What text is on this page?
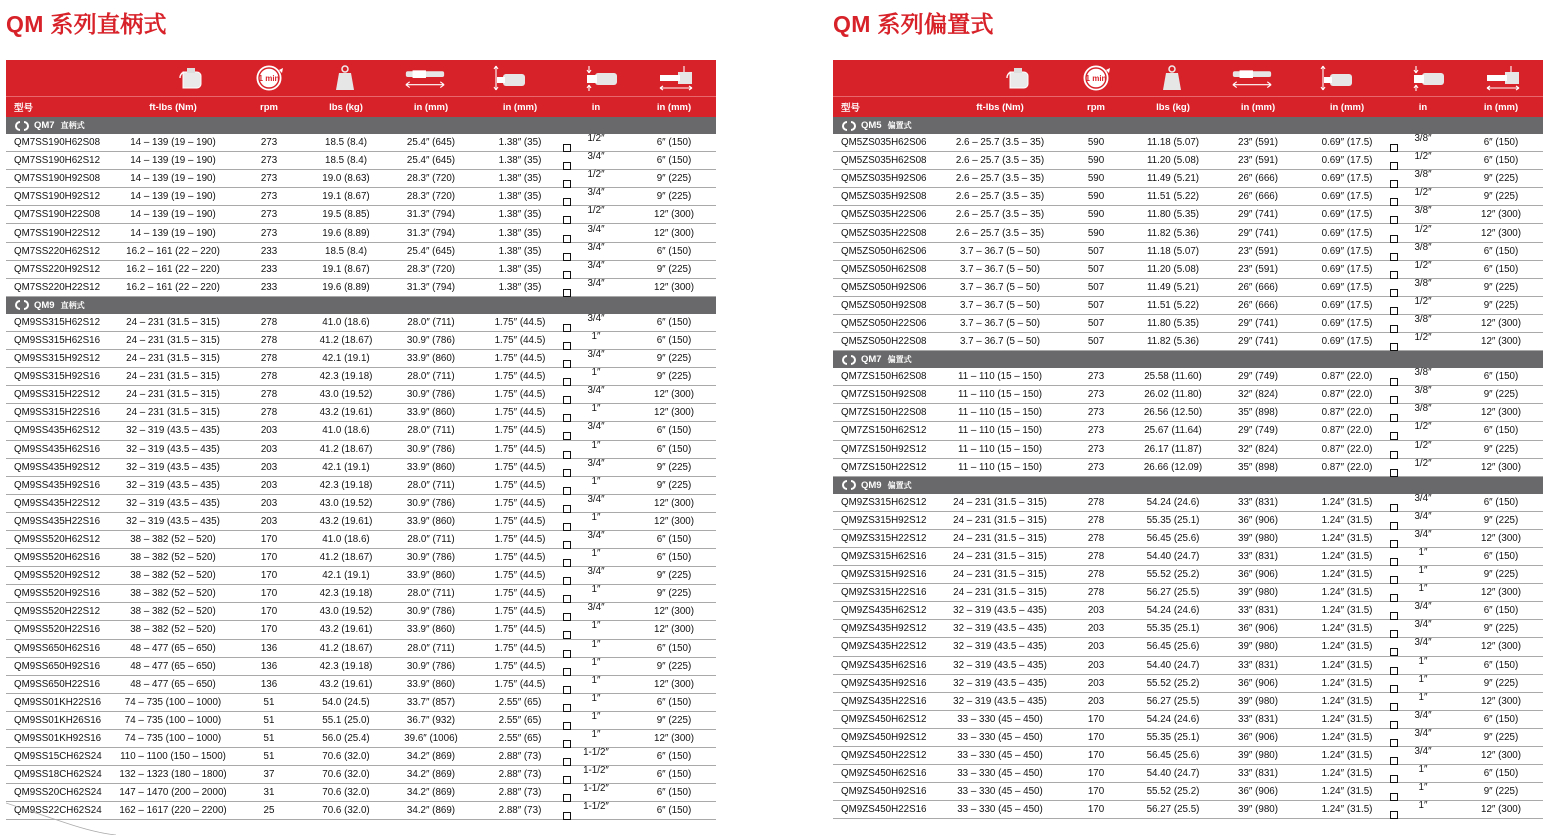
QM 系列直柄式
1 min
型号	ft-lbs (Nm)	rpm	lbs (kg)	in (mm)	in (mm)	in	in (mm)
QM7 直柄式
QM7SS190H62S08	14 – 139 (19 – 190)	273	18.5 (8.4)	25.4″ (645)	1.38″ (35)	1/2″	6″ (150)
QM7SS190H62S12	14 – 139 (19 – 190)	273	18.5 (8.4)	25.4″ (645)	1.38″ (35)	3/4″	6″ (150)
QM7SS190H92S08	14 – 139 (19 – 190)	273	19.0 (8.63)	28.3″ (720)	1.38″ (35)	1/2″	9″ (225)
QM7SS190H92S12	14 – 139 (19 – 190)	273	19.1 (8.67)	28.3″ (720)	1.38″ (35)	3/4″	9″ (225)
QM7SS190H22S08	14 – 139 (19 – 190)	273	19.5 (8.85)	31.3″ (794)	1.38″ (35)	1/2″	12″ (300)
QM7SS190H22S12	14 – 139 (19 – 190)	273	19.6 (8.89)	31.3″ (794)	1.38″ (35)	3/4″	12″ (300)
QM7SS220H62S12	16.2 – 161 (22 – 220)	233	18.5 (8.4)	25.4″ (645)	1.38″ (35)	3/4″	6″ (150)
QM7SS220H92S12	16.2 – 161 (22 – 220)	233	19.1 (8.67)	28.3″ (720)	1.38″ (35)	3/4″	9″ (225)
QM7SS220H22S12	16.2 – 161 (22 – 220)	233	19.6 (8.89)	31.3″ (794)	1.38″ (35)	3/4″	12″ (300)
QM9 直柄式
QM9SS315H62S12	24 – 231 (31.5 – 315)	278	41.0 (18.6)	28.0″ (711)	1.75″ (44.5)	3/4″	6″ (150)
QM9SS315H62S16	24 – 231 (31.5 – 315)	278	41.2 (18.67)	30.9″ (786)	1.75″ (44.5)	1″	6″ (150)
QM9SS315H92S12	24 – 231 (31.5 – 315)	278	42.1 (19.1)	33.9″ (860)	1.75″ (44.5)	3/4″	9″ (225)
QM9SS315H92S16	24 – 231 (31.5 – 315)	278	42.3 (19.18)	28.0″ (711)	1.75″ (44.5)	1″	9″ (225)
QM9SS315H22S12	24 – 231 (31.5 – 315)	278	43.0 (19.52)	30.9″ (786)	1.75″ (44.5)	3/4″	12″ (300)
QM9SS315H22S16	24 – 231 (31.5 – 315)	278	43.2 (19.61)	33.9″ (860)	1.75″ (44.5)	1″	12″ (300)
QM9SS435H62S12	32 – 319 (43.5 – 435)	203	41.0 (18.6)	28.0″ (711)	1.75″ (44.5)	3/4″	6″ (150)
QM9SS435H62S16	32 – 319 (43.5 – 435)	203	41.2 (18.67)	30.9″ (786)	1.75″ (44.5)	1″	6″ (150)
QM9SS435H92S12	32 – 319 (43.5 – 435)	203	42.1 (19.1)	33.9″ (860)	1.75″ (44.5)	3/4″	9″ (225)
QM9SS435H92S16	32 – 319 (43.5 – 435)	203	42.3 (19.18)	28.0″ (711)	1.75″ (44.5)	1″	9″ (225)
QM9SS435H22S12	32 – 319 (43.5 – 435)	203	43.0 (19.52)	30.9″ (786)	1.75″ (44.5)	3/4″	12″ (300)
QM9SS435H22S16	32 – 319 (43.5 – 435)	203	43.2 (19.61)	33.9″ (860)	1.75″ (44.5)	1″	12″ (300)
QM9SS520H62S12	38 – 382 (52 – 520)	170	41.0 (18.6)	28.0″ (711)	1.75″ (44.5)	3/4″	6″ (150)
QM9SS520H62S16	38 – 382 (52 – 520)	170	41.2 (18.67)	30.9″ (786)	1.75″ (44.5)	1″	6″ (150)
QM9SS520H92S12	38 – 382 (52 – 520)	170	42.1 (19.1)	33.9″ (860)	1.75″ (44.5)	3/4″	9″ (225)
QM9SS520H92S16	38 – 382 (52 – 520)	170	42.3 (19.18)	28.0″ (711)	1.75″ (44.5)	1″	9″ (225)
QM9SS520H22S12	38 – 382 (52 – 520)	170	43.0 (19.52)	30.9″ (786)	1.75″ (44.5)	3/4″	12″ (300)
QM9SS520H22S16	38 – 382 (52 – 520)	170	43.2 (19.61)	33.9″ (860)	1.75″ (44.5)	1″	12″ (300)
QM9SS650H62S16	48 – 477 (65 – 650)	136	41.2 (18.67)	28.0″ (711)	1.75″ (44.5)	1″	6″ (150)
QM9SS650H92S16	48 – 477 (65 – 650)	136	42.3 (19.18)	30.9″ (786)	1.75″ (44.5)	1″	9″ (225)
QM9SS650H22S16	48 – 477 (65 – 650)	136	43.2 (19.61)	33.9″ (860)	1.75″ (44.5)	1″	12″ (300)
QM9SS01KH22S16	74 – 735 (100 – 1000)	51	54.0 (24.5)	33.7″ (857)	2.55″ (65)	1″	6″ (150)
QM9SS01KH26S16	74 – 735 (100 – 1000)	51	55.1 (25.0)	36.7″ (932)	2.55″ (65)	1″	9″ (225)
QM9SS01KH92S16	74 – 735 (100 – 1000)	51	56.0 (25.4)	39.6″ (1006)	2.55″ (65)	1″	12″ (300)
QM9SS15CH62S24	110 – 1100 (150 – 1500)	51	70.6 (32.0)	34.2″ (869)	2.88″ (73)	1-1/2″	6″ (150)
QM9SS18CH62S24	132 – 1323 (180 – 1800)	37	70.6 (32.0)	34.2″ (869)	2.88″ (73)	1-1/2″	6″ (150)
QM9SS20CH62S24	147 – 1470 (200 – 2000)	31	70.6 (32.0)	34.2″ (869)	2.88″ (73)	1-1/2″	6″ (150)
QM9SS22CH62S24	162 – 1617 (220 – 2200)	25	70.6 (32.0)	34.2″ (869)	2.88″ (73)	1-1/2″	6″ (150)
QM 系列偏置式
1 min
型号	ft-lbs (Nm)	rpm	lbs (kg)	in (mm)	in (mm)	in	in (mm)
QM5 偏置式
QM5ZS035H62S06	2.6 – 25.7 (3.5 – 35)	590	11.18 (5.07)	23″ (591)	0.69″ (17.5)	3/8″	6″ (150)
QM5ZS035H62S08	2.6 – 25.7 (3.5 – 35)	590	11.20 (5.08)	23″ (591)	0.69″ (17.5)	1/2″	6″ (150)
QM5ZS035H92S06	2.6 – 25.7 (3.5 – 35)	590	11.49 (5.21)	26″ (666)	0.69″ (17.5)	3/8″	9″ (225)
QM5ZS035H92S08	2.6 – 25.7 (3.5 – 35)	590	11.51 (5.22)	26″ (666)	0.69″ (17.5)	1/2″	9″ (225)
QM5ZS035H22S06	2.6 – 25.7 (3.5 – 35)	590	11.80 (5.35)	29″ (741)	0.69″ (17.5)	3/8″	12″ (300)
QM5ZS035H22S08	2.6 – 25.7 (3.5 – 35)	590	11.82 (5.36)	29″ (741)	0.69″ (17.5)	1/2″	12″ (300)
QM5ZS050H62S06	3.7 – 36.7 (5 – 50)	507	11.18 (5.07)	23″ (591)	0.69″ (17.5)	3/8″	6″ (150)
QM5ZS050H62S08	3.7 – 36.7 (5 – 50)	507	11.20 (5.08)	23″ (591)	0.69″ (17.5)	1/2″	6″ (150)
QM5ZS050H92S06	3.7 – 36.7 (5 – 50)	507	11.49 (5.21)	26″ (666)	0.69″ (17.5)	3/8″	9″ (225)
QM5ZS050H92S08	3.7 – 36.7 (5 – 50)	507	11.51 (5.22)	26″ (666)	0.69″ (17.5)	1/2″	9″ (225)
QM5ZS050H22S06	3.7 – 36.7 (5 – 50)	507	11.80 (5.35)	29″ (741)	0.69″ (17.5)	3/8″	12″ (300)
QM5ZS050H22S08	3.7 – 36.7 (5 – 50)	507	11.82 (5.36)	29″ (741)	0.69″ (17.5)	1/2″	12″ (300)
QM7 偏置式
QM7ZS150H62S08	11 – 110 (15 – 150)	273	25.58 (11.60)	29″ (749)	0.87″ (22.0)	3/8″	6″ (150)
QM7ZS150H92S08	11 – 110 (15 – 150)	273	26.02 (11.80)	32″ (824)	0.87″ (22.0)	3/8″	9″ (225)
QM7ZS150H22S08	11 – 110 (15 – 150)	273	26.56 (12.50)	35″ (898)	0.87″ (22.0)	3/8″	12″ (300)
QM7ZS150H62S12	11 – 110 (15 – 150)	273	25.67 (11.64)	29″ (749)	0.87″ (22.0)	1/2″	6″ (150)
QM7ZS150H92S12	11 – 110 (15 – 150)	273	26.17 (11.87)	32″ (824)	0.87″ (22.0)	1/2″	9″ (225)
QM7ZS150H22S12	11 – 110 (15 – 150)	273	26.66 (12.09)	35″ (898)	0.87″ (22.0)	1/2″	12″ (300)
QM9 偏置式
QM9ZS315H62S12	24 – 231 (31.5 – 315)	278	54.24 (24.6)	33″ (831)	1.24″ (31.5)	3/4″	6″ (150)
QM9ZS315H92S12	24 – 231 (31.5 – 315)	278	55.35 (25.1)	36″ (906)	1.24″ (31.5)	3/4″	9″ (225)
QM9ZS315H22S12	24 – 231 (31.5 – 315)	278	56.45 (25.6)	39″ (980)	1.24″ (31.5)	3/4″	12″ (300)
QM9ZS315H62S16	24 – 231 (31.5 – 315)	278	54.40 (24.7)	33″ (831)	1.24″ (31.5)	1″	6″ (150)
QM9ZS315H92S16	24 – 231 (31.5 – 315)	278	55.52 (25.2)	36″ (906)	1.24″ (31.5)	1″	9″ (225)
QM9ZS315H22S16	24 – 231 (31.5 – 315)	278	56.27 (25.5)	39″ (980)	1.24″ (31.5)	1″	12″ (300)
QM9ZS435H62S12	32 – 319 (43.5 – 435)	203	54.24 (24.6)	33″ (831)	1.24″ (31.5)	3/4″	6″ (150)
QM9ZS435H92S12	32 – 319 (43.5 – 435)	203	55.35 (25.1)	36″ (906)	1.24″ (31.5)	3/4″	9″ (225)
QM9ZS435H22S12	32 – 319 (43.5 – 435)	203	56.45 (25.6)	39″ (980)	1.24″ (31.5)	3/4″	12″ (300)
QM9ZS435H62S16	32 – 319 (43.5 – 435)	203	54.40 (24.7)	33″ (831)	1.24″ (31.5)	1″	6″ (150)
QM9ZS435H92S16	32 – 319 (43.5 – 435)	203	55.52 (25.2)	36″ (906)	1.24″ (31.5)	1″	9″ (225)
QM9ZS435H22S16	32 – 319 (43.5 – 435)	203	56.27 (25.5)	39″ (980)	1.24″ (31.5)	1″	12″ (300)
QM9ZS450H62S12	33 – 330 (45 – 450)	170	54.24 (24.6)	33″ (831)	1.24″ (31.5)	3/4″	6″ (150)
QM9ZS450H92S12	33 – 330 (45 – 450)	170	55.35 (25.1)	36″ (906)	1.24″ (31.5)	3/4″	9″ (225)
QM9ZS450H22S12	33 – 330 (45 – 450)	170	56.45 (25.6)	39″ (980)	1.24″ (31.5)	3/4″	12″ (300)
QM9ZS450H62S16	33 – 330 (45 – 450)	170	54.40 (24.7)	33″ (831)	1.24″ (31.5)	1″	6″ (150)
QM9ZS450H92S16	33 – 330 (45 – 450)	170	55.52 (25.2)	36″ (906)	1.24″ (31.5)	1″	9″ (225)
QM9ZS450H22S16	33 – 330 (45 – 450)	170	56.27 (25.5)	39″ (980)	1.24″ (31.5)	1″	12″ (300)
